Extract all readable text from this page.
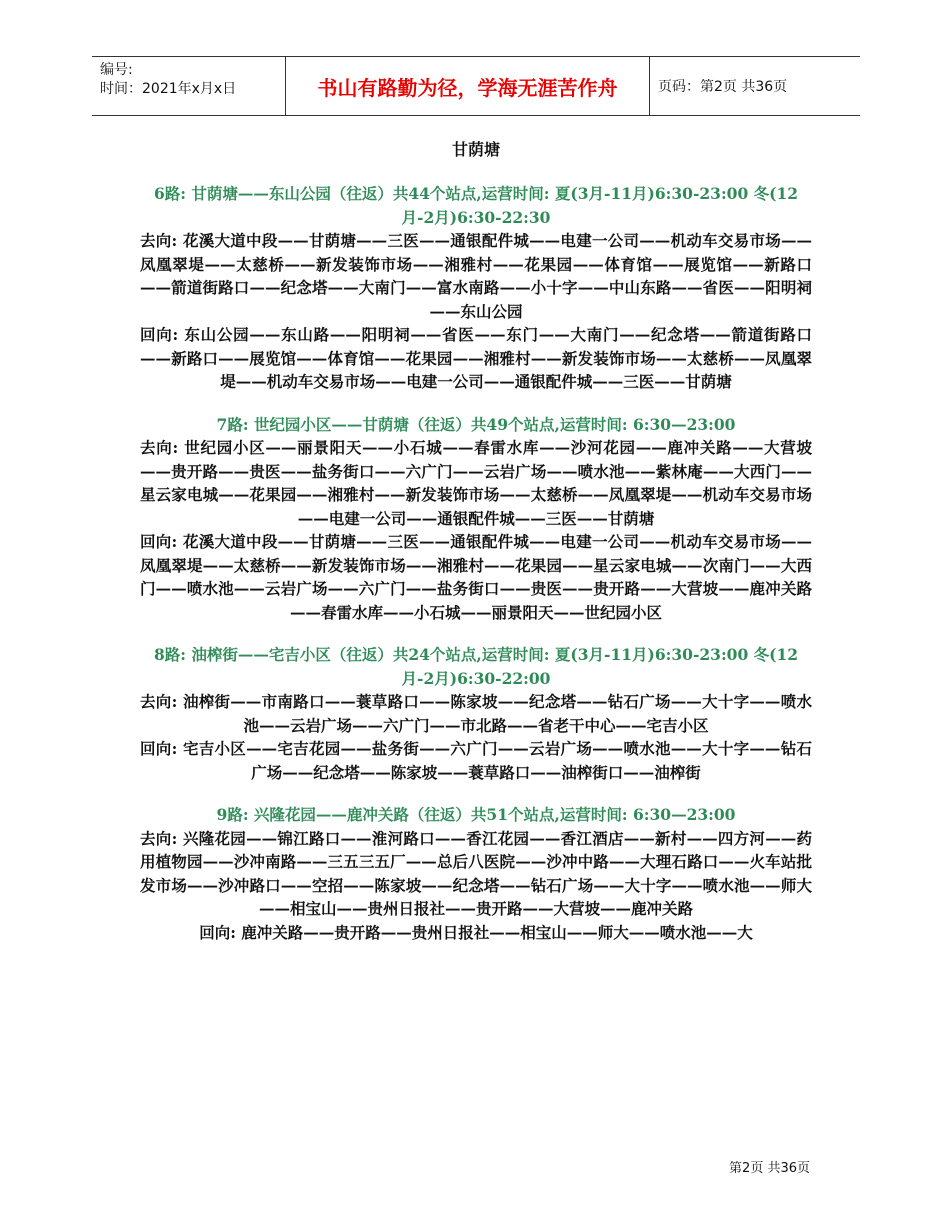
编号:
时间：2021年x月x日	书山有路勤为径，学海无涯苦作舟	页码：第2页 共36页
甘荫塘
6路: 甘荫塘——东山公园（往返）共44个站点,运营时间: 夏(3月-11月)6:30-23:00 冬(12月-2月)6:30-22:30
去向: 花溪大道中段——甘荫塘——三医——通银配件城——电建一公司——机动车交易市场——凤凰翠堤——太慈桥——新发装饰市场——湘雅村——花果园——体育馆——展览馆——新路口——箭道街路口——纪念塔——大南门——富水南路——小十字——中山东路——省医——阳明祠——东山公园
回向: 东山公园——东山路——阳明祠——省医——东门——大南门——纪念塔——箭道街路口——新路口——展览馆——体育馆——花果园——湘雅村——新发装饰市场——太慈桥——凤凰翠堤——机动车交易市场——电建一公司——通银配件城——三医——甘荫塘
7路: 世纪园小区——甘荫塘（往返）共49个站点,运营时间: 6:30—23:00
去向: 世纪园小区——丽景阳天——小石城——春雷水库——沙河花园——鹿冲关路——大营坡——贵开路——贵医——盐务街口——六广门——云岩广场——喷水池——紫林庵——大西门——星云家电城——花果园——湘雅村——新发装饰市场——太慈桥——凤凰翠堤——机动车交易市场——电建一公司——通银配件城——三医——甘荫塘
回向: 花溪大道中段——甘荫塘——三医——通银配件城——电建一公司——机动车交易市场——凤凰翠堤——太慈桥——新发装饰市场——湘雅村——花果园——星云家电城——次南门——大西门——喷水池——云岩广场——六广门——盐务街口——贵医——贵开路——大营坡——鹿冲关路——春雷水库——小石城——丽景阳天——世纪园小区
8路: 油榨街——宅吉小区（往返）共24个站点,运营时间: 夏(3月-11月)6:30-23:00 冬(12月-2月)6:30-22:00
去向: 油榨街——市南路口——蓑草路口——陈家坡——纪念塔——钻石广场——大十字——喷水池——云岩广场——六广门——市北路——省老干中心——宅吉小区
回向: 宅吉小区——宅吉花园——盐务街——六广门——云岩广场——喷水池——大十字——钻石广场——纪念塔——陈家坡——蓑草路口——油榨街口——油榨街
9路: 兴隆花园——鹿冲关路（往返）共51个站点,运营时间: 6:30—23:00
去向: 兴隆花园——锦江路口——淮河路口——香江花园——香江酒店——新村——四方河——药用植物园——沙冲南路——三五三五厂——总后八医院——沙冲中路——大理石路口——火车站批发市场——沙冲路口——空招——陈家坡——纪念塔——钻石广场——大十字——喷水池——师大——相宝山——贵州日报社——贵开路——大营坡——鹿冲关路
回向: 鹿冲关路——贵开路——贵州日报社——相宝山——师大——喷水池——大
第2页 共36页
